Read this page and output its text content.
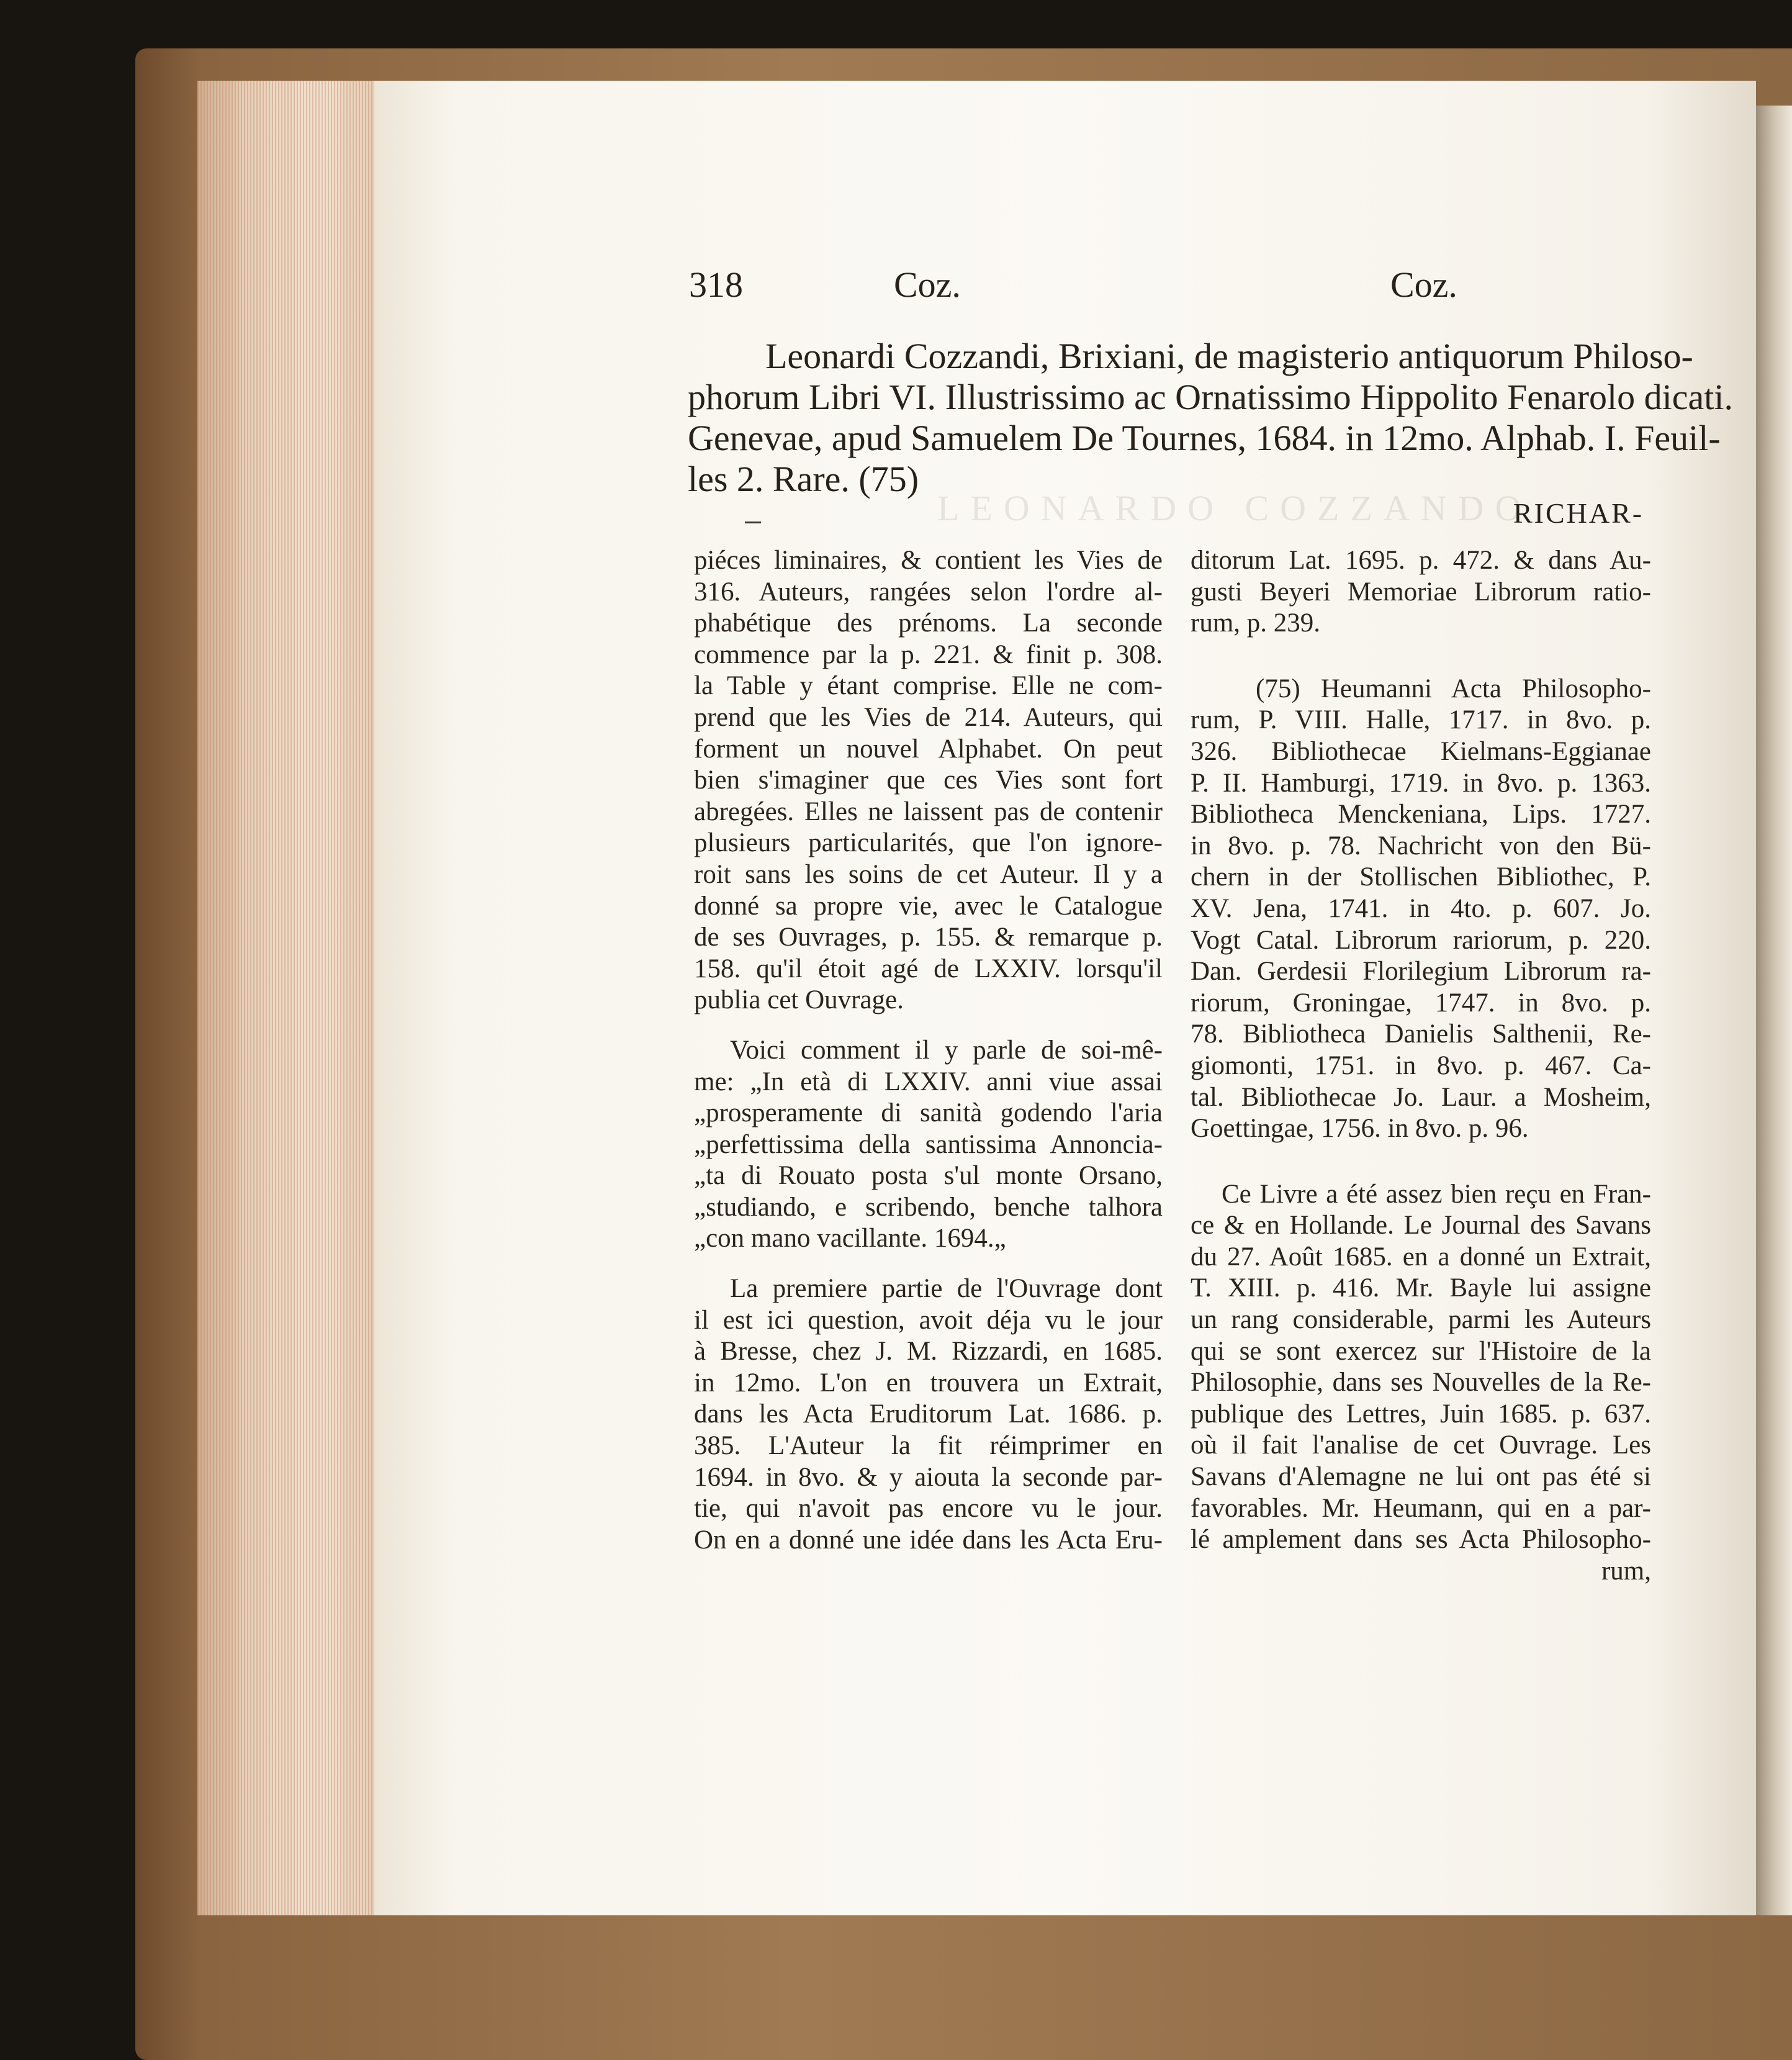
LEONARDO COZZANDO
318	Coz.	Coz.
Leonardi Cozzandi, Brixiani, de magisterio antiquorum Philoso-
phorum Libri VI. Illustrissimo ac Ornatissimo Hippolito Fenarolo dicati.
Genevae, apud Samuelem De Tournes, 1684. in 12mo. Alphab. I. Feuil-
les 2. Rare. (75)
RICHAR-
piéces liminaires, & contient les Vies de
316. Auteurs, rangées selon l'ordre al-
phabétique des prénoms. La seconde
commence par la p. 221. & finit p. 308.
la Table y étant comprise. Elle ne com-
prend que les Vies de 214. Auteurs, qui
forment un nouvel Alphabet. On peut
bien s'imaginer que ces Vies sont fort
abregées. Elles ne laissent pas de contenir
plusieurs particularités, que l'on ignore-
roit sans les soins de cet Auteur. Il y a
donné sa propre vie, avec le Catalogue
de ses Ouvrages, p. 155. & remarque p.
158. qu'il étoit agé de LXXIV. lorsqu'il
publia cet Ouvrage.
Voici comment il y parle de soi-mê-
me: „In età di LXXIV. anni viue assai
„prosperamente di sanità godendo l'aria
„perfettissima della santissima Annoncia-
„ta di Rouato posta s'ul monte Orsano,
„studiando, e scribendo, benche talhora
„con mano vacillante. 1694.„
La premiere partie de l'Ouvrage dont
il est ici question, avoit déja vu le jour
à Bresse, chez J. M. Rizzardi, en 1685.
in 12mo. L'on en trouvera un Extrait,
dans les Acta Eruditorum Lat. 1686. p.
385. L'Auteur la fit réimprimer en
1694. in 8vo. & y aiouta la seconde par-
tie, qui n'avoit pas encore vu le jour.
On en a donné une idée dans les Acta Eru-
ditorum Lat. 1695. p. 472. & dans Au-
gusti Beyeri Memoriae Librorum ratio-
rum, p. 239.
(75) Heumanni Acta Philosopho-
rum, P. VIII. Halle, 1717. in 8vo. p.
326. Bibliothecae Kielmans-Eggianae
P. II. Hamburgi, 1719. in 8vo. p. 1363.
Bibliotheca Menckeniana, Lips. 1727.
in 8vo. p. 78. Nachricht von den Bü-
chern in der Stollischen Bibliothec, P.
XV. Jena, 1741. in 4to. p. 607. Jo.
Vogt Catal. Librorum rariorum, p. 220.
Dan. Gerdesii Florilegium Librorum ra-
riorum, Groningae, 1747. in 8vo. p.
78. Bibliotheca Danielis Salthenii, Re-
giomonti, 1751. in 8vo. p. 467. Ca-
tal. Bibliothecae Jo. Laur. a Mosheim,
Goettingae, 1756. in 8vo. p. 96.
Ce Livre a été assez bien reçu en Fran-
ce & en Hollande. Le Journal des Savans
du 27. Août 1685. en a donné un Extrait,
T. XIII. p. 416. Mr. Bayle lui assigne
un rang considerable, parmi les Auteurs
qui se sont exercez sur l'Histoire de la
Philosophie, dans ses Nouvelles de la Re-
publique des Lettres, Juin 1685. p. 637.
où il fait l'analise de cet Ouvrage. Les
Savans d'Alemagne ne lui ont pas été si
favorables. Mr. Heumann, qui en a par-
lé amplement dans ses Acta Philosopho-
rum,
